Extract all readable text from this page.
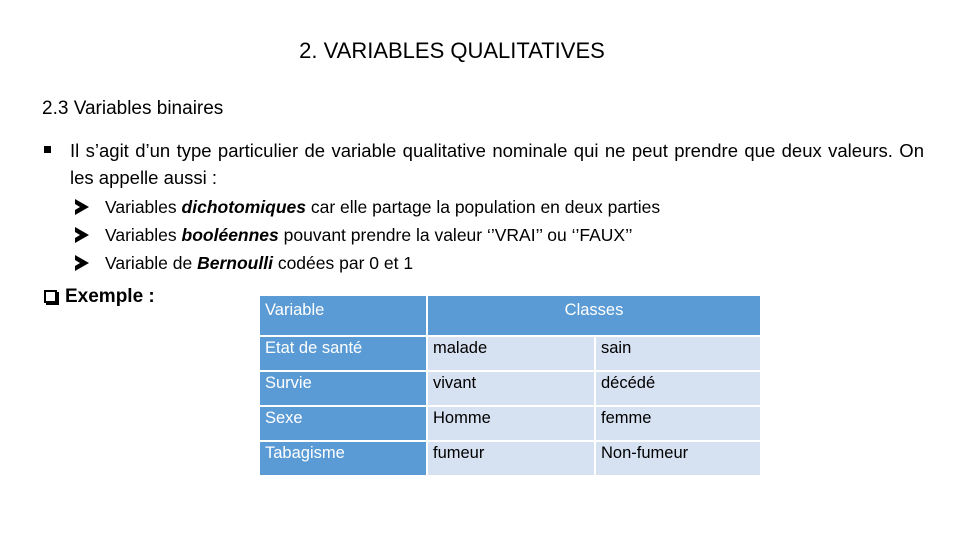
2. VARIABLES QUALITATIVES
2.3 Variables binaires
Il s’agit d’un type particulier de variable qualitative nominale qui ne peut prendre que deux valeurs. On les appelle aussi :
Variables dichotomiques car elle partage la population en deux parties
Variables booléennes pouvant prendre la valeur ‘’VRAI’’ ou ‘’FAUX’’
Variable de Bernoulli codées par 0 et 1
Exemple :
Variable	Classes	
Etat de santé	malade	sain
Survie	vivant	décédé
Sexe	Homme	femme
Tabagisme	fumeur	Non-fumeur
